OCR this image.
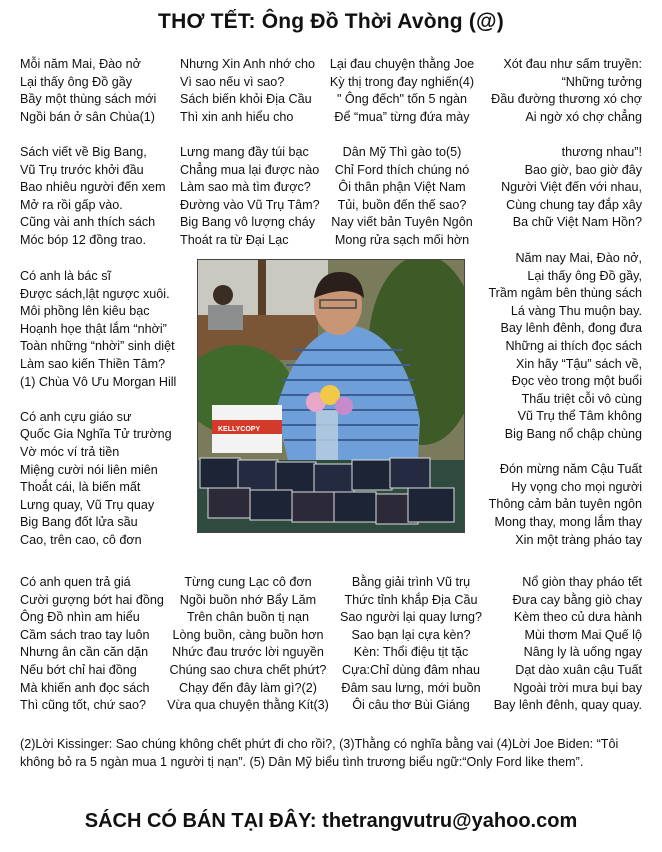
THƠ TẾT: Ông Đồ Thời Avòng (@)
Mỗi năm Mai, Đào nở
Lại thấy ông Đồ gầy
Bầy một thùng sách mới
Ngồi bán ở sân Chùa(1)
Sách viết về Big Bang,
Vũ Trụ trước khởi đầu
Bao nhiêu người đến xem
Mở ra rồi gấp vào.
Cũng vài anh thích sách
Móc bóp 12 đồng trao.
Nhưng Xin Anh nhớ cho
Vì sao nếu vì sao?
Sách biến khỏi Địa Cầu
Thì xin anh hiểu cho
Lưng mang đầy túi bạc
Chẳng mua lại được nào
Làm sao mà tìm được?
Đường vào Vũ Trụ Tâm?
Big Bang vô lượng cháy
Thoát ra từ Đại Lạc
Lại đau chuyện thằng Joe
Kỳ thị trong đay nghiến(4)
" Ông đếch" tốn 5 ngàn
Để “mua” từng đứa mày
Dân Mỹ Thì gào to(5)
Chỉ Ford thích chúng nó
Ôi thân phận Việt Nam
Tủi, buồn đến thế sao?
Nay viết bản Tuyên Ngôn
Mong rửa sạch mối hờn
Xót đau như sấm truyền:
“Những tưởng
Đầu đường thương xó chợ
Ai ngờ xó chợ chẳng
thương nhau”!
Bao giờ, bao giờ đây
Người Việt đến với nhau,
Cùng chung tay đắp xây
Ba chữ Việt Nam Hồn?
Có anh là bác sĩ
Được sách,lật ngược xuôi.
Môi phồng lên kiêu bạc
Hoạnh họe thật lắm “nhời”
Toàn những “nhời” sinh diệt
Làm sao kiến Thiền Tâm?
(1) Chùa Vô Ưu Morgan Hill
Có anh cựu giáo sư
Quốc Gia Nghĩa Tử trường
Vờ móc ví trả tiền
Miệng cười nói liên miên
Thoắt cái, là biến mất
Lưng quay, Vũ Trụ quay
Big Bang đốt lửa sầu
Cao, trên cao, cô đơn
Năm nay Mai, Đào nở,
Lại thấy ông Đồ gầy,
Trầm ngâm bên thùng sách
Lá vàng Thu muộn bay.
Bay lênh đênh, đong đưa
Những ai thích đọc sách
Xin hãy “Tậu” sách về,
Đọc vèo trong một buổi
Thấu triệt cỗi vô cùng
Vũ Trụ thể Tâm không
Big Bang nổ chập chùng
Đón mừng năm Cậu Tuất
Hy vọng cho mọi người
Thông cảm bản tuyên ngôn
Mong thay, mong lắm thay
Xin một tràng pháo tay
KELLYCOPY
Có anh quen trả giá
Cười gượng bớt hai đồng
Ông Đồ nhìn am hiểu
Cầm sách trao tay luôn
Nhưng ân cần căn dặn
Nếu bớt chỉ hai đồng
Mà khiến anh đọc sách
Thì cũng tốt, chứ sao?
Từng cung Lạc cô đơn
Ngồi buồn nhớ Bẩy Lăm
Trên chân buồn tị nạn
Lòng buồn, càng buồn hơn
Nhức đau trước lời nguyền
Chúng sao chưa chết phứt?
Chạy đến đây làm gì?(2)
Vừa qua chuyện thằng Kít(3)
Bằng giải trình Vũ trụ
Thức tỉnh khắp Địa Cầu
Sao người lại quay lưng?
Sao bạn lại cựa kèn?
Kèn: Thổi điệu tịt tặc
Cựa:Chỉ dùng đâm nhau
Đâm sau lưng, mới buồn
Ôi câu thơ Bùi Giáng
Nổ giòn thay pháo tết
Đưa cay bằng giò chay
Kèm theo củ dưa hành
Mùi thơm Mai Quế lộ
Nâng ly là uống ngay
Dạt dào xuân cậu Tuất
Ngoài trời mưa bụi bay
Bay lênh đênh, quay quay.
(2)Lời Kissinger: Sao chúng không chết phứt đi cho rồi?, (3)Thằng có nghĩa bằng vai (4)Lời Joe Biden: “Tôi không bỏ ra 5 ngàn mua 1 người tị nạn”. (5) Dân Mỹ biểu tình trương biểu ngữ:“Only Ford like them”.
SÁCH CÓ BÁN TẠI ĐÂY: thetrangvutru@yahoo.com
